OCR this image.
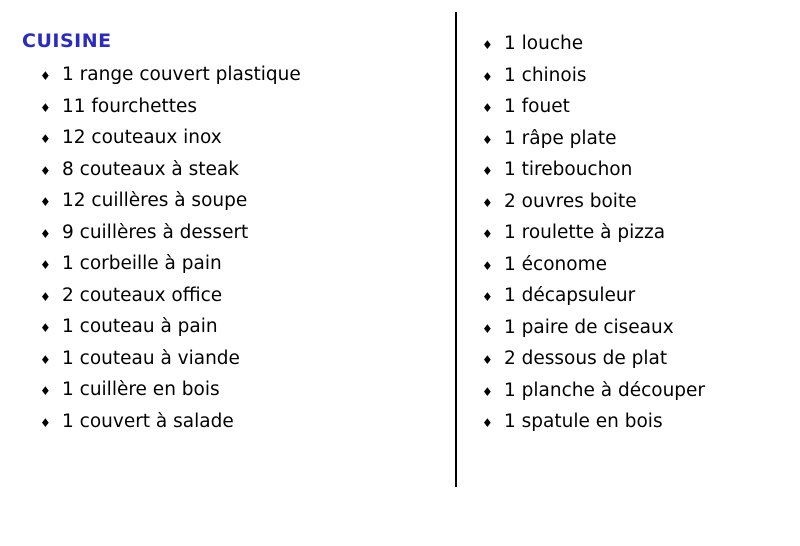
CUISINE
♦ 1 range couvert plastique
♦ 11 fourchettes
♦ 12 couteaux inox
♦ 8 couteaux à steak
♦ 12 cuillères à soupe
♦ 9 cuillères à dessert
♦ 1 corbeille à pain
♦ 2 couteaux office
♦ 1 couteau à pain
♦ 1 couteau à viande
♦ 1 cuillère en bois
♦ 1 couvert à salade
♦ 1 louche
♦ 1 chinois
♦ 1 fouet
♦ 1 râpe plate
♦ 1 tirebouchon
♦ 2 ouvres boite
♦ 1 roulette à pizza
♦ 1 économe
♦ 1 décapsuleur
♦ 1 paire de ciseaux
♦ 2 dessous de plat
♦ 1 planche à découper
♦ 1 spatule en bois
